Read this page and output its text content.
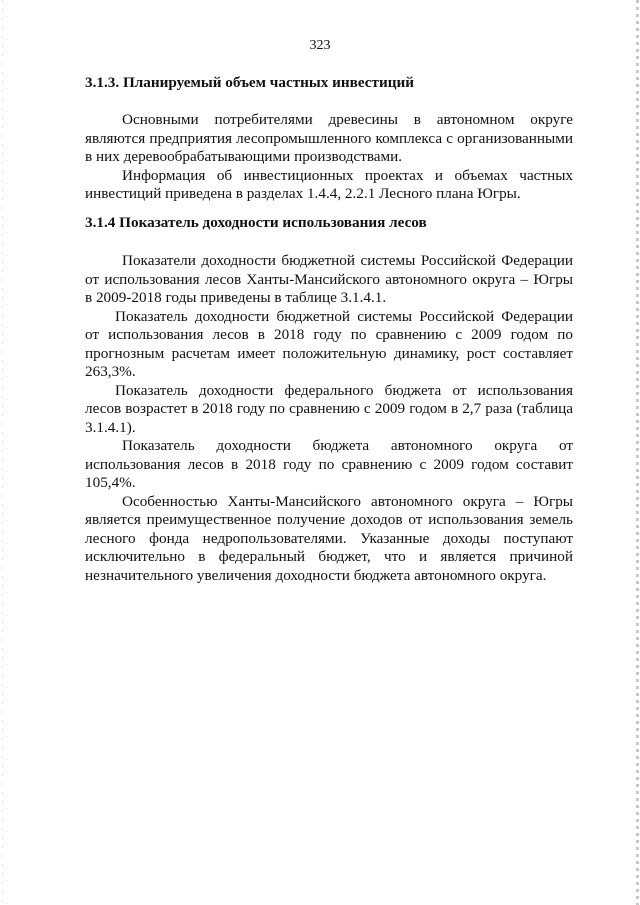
323

3.1.3. Планируемый объем частных инвестиций

Основными потребителями древесины в автономном округе являются предприятия лесопромышленного комплекса с организованными в них деревообрабатывающими производствами.

Информация об инвестиционных проектах и объемах частных инвестиций приведена в разделах 1.4.4, 2.2.1 Лесного плана Югры.

3.1.4 Показатель доходности использования лесов

Показатели доходности бюджетной системы Российской Федерации от использования лесов Ханты-Мансийского автономного округа – Югры в 2009-2018 годы приведены в таблице 3.1.4.1.

Показатель доходности бюджетной системы Российской Федерации от использования лесов в 2018 году по сравнению с 2009 годом по прогнозным расчетам имеет положительную динамику, рост составляет 263,3%.

Показатель доходности федерального бюджета от использования лесов возрастет в 2018 году по сравнению с 2009 годом в 2,7 раза (таблица 3.1.4.1).

Показатель доходности бюджета автономного округа от использования лесов в 2018 году по сравнению с 2009 годом составит 105,4%.

Особенностью Ханты-Мансийского автономного округа – Югры является преимущественное получение доходов от использования земель лесного фонда недропользователями. Указанные доходы поступают исключительно в федеральный бюджет, что и является причиной незначительного увеличения доходности бюджета автономного округа.
